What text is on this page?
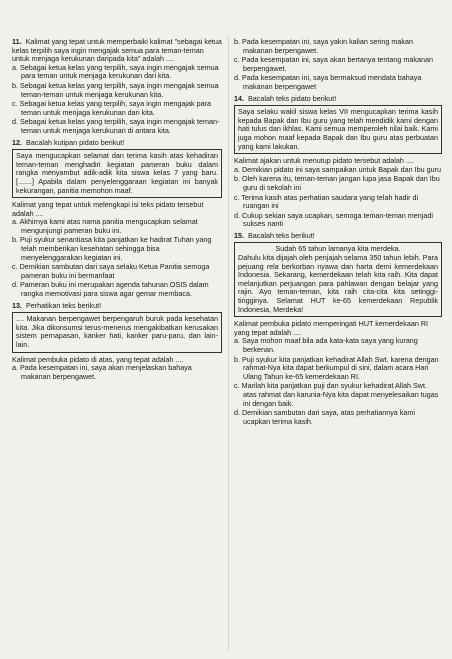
11. Kalimat yang tepat untuk memperbaiki kalimat "sebagai ketua kelas terpilih saya ingin mengajak semua para teman-teman untuk menjaga kerukunan daripada kita" adalah ....
a. Sebagai ketua kelas yang terpilih, saya ingin mengajak semua para teman untuk menjaga kerukunan dari kita.
b. Sebagai ketua kelas yang terpilih, saya ingin mengajak semua teman-teman untuk menjaga kerukunan kita.
c. Sebagai ketua kelas yang terpilih, saya ingin mengajak para teman untuk menjaga kerukunan dari kita.
d. Sebagai ketua kelas yang terpilih, saya ingin mengajak teman-teman untuk menjaga kerukunan di antara kita.
12. Bacalah kutipan pidato berikut!
Saya mengucapkan selamat dan terima kasih atas kehadiran teman-teman menghadiri kegiatan pameran buku dalam rangka menyambut adik-adik kita siswa kelas 7 yang baru. [.......] Apabila dalam penyelenggaraan kegiatan ini banyak kekurangan, panitia memohon maaf.
Kalimat yang tepat untuk melengkapi isi teks pidato tersebut adalah ....
a. Akhirnya kami atas nama panitia mengucapkan selamat mengunjungi pameran buku ini.
b. Puji syukur senantiasa kita panjatkan ke hadirat Tuhan yang telah memberikan kesehatan sehingga bisa menyelenggarakan kegiatan ini.
c. Demikian sambutan dari saya selaku Ketua Panitia semoga pameran buku ini bermanfaat
d. Pameran buku ini merupakan agenda tahunan OSIS dalam rangka memotivasi para siswa agar gemar membaca.
13. Perhatikan teks berikut!
.... Makanan berpengawet berpengaruh buruk pada kesehatan kita. Jika dikonsumsi terus-menerus mengakibatkan kerusakan sistem pernapasan, kanker hati, kanker paru-paru, dan lain-lain.
Kalimat pembuka pidato di atas, yang tepat adalah ....
a. Pada kesempatan ini, saya akan menjelaskan bahaya makanan berpengawet.
b. Pada kesempatan ini, saya yakin kalian sering makan makanan berpengawet.
c. Pada kesempatan ini, saya akan bertanya tentang makanan berpengawet.
d. Pada kesempatan ini, saya bermaksud mendata bahaya makanan berpengawet
14. Bacalah teks pidato berikut!
Saya selaku wakil siswa kelas VII mengucapkan terima kasih kepada Bapak dan Ibu guru yang telah mendidik kami dengan hati tulus dan ikhlas. Kami semua memperoleh nilai baik. Kami juga mohon maaf kepada Bapak dan Ibu guru atas perbuatan yang kami lakukan.
Kalimat ajakan untuk menutup pidato tersebut adalah ....
a. Demikian pidato ini saya sampaikan untuk Bapak dan Ibu guru
b. Oleh karena itu, teman-teman jangan lupa jasa Bapak dan Ibu guru di sekolah ini
c. Terima kasih atas perhatian saudara yang telah hadir di ruangan ini
d. Cukup sekian saya ucapkan, semoga teman-teman menjadi sukses nanti
15. Bacalah teks berikut!
Sudah 65 tahun lamanya kita merdeka.
Dahulu kita dijajah oleh penjajah selama 350 tahun lebih. Para pejuang rela berkorban nyawa dan harta demi kemerdekaan Indonesia. Sekarang, kemerdekaan telah kita raih. Kita dapat melanjutkan perjuangan para pahlawan dengan belajar yang rajin. Ayo teman-teman, kita raih cita-cita kita setinggi-tingginya. Selamat HUT ke-65 kemerdekaan Republik Indonesia, Merdeka!
Kalimat pembuka pidato memperingati HUT kemerdekaan RI yang tepat adalah ....
a. Saya mohon maaf bila ada kata-kata saya yang kurang berkenan.
b. Puji syukur kita panjatkan kehadirat Allah Swt. karena dengan rahmat-Nya kita dapat berkumpul di sini, dalam acara Hari Ulang Tahun ke-65 kemerdekaan RI.
c. Marilah kita panjatkan puji dan syukur kehadirat Allah Swt. atas rahmat dan karunia-Nya kita dapat menyelesaikan tugas ini dengan baik.
d. Demikian sambutan dari saya, atas perhatiannya kami ucapkan terima kasih.
